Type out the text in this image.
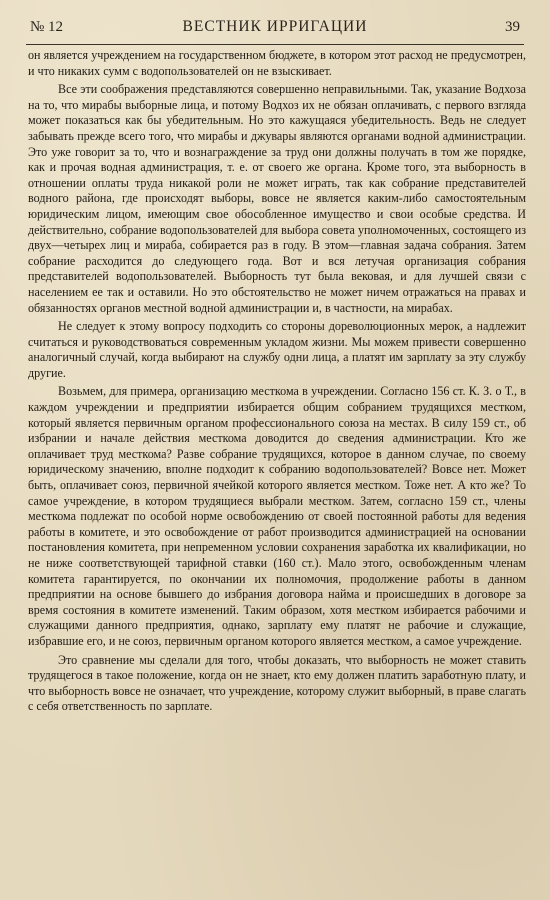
№ 12	ВЕСТНИК ИРРИГАЦИИ	39

он является учреждением на государственном бюджете, в котором этот расход не предусмотрен, и что никаких сумм с водопользователей он не взыскивает.

Все эти соображения представляются совершенно неправильными. Так, указание Водхоза на то, что мирабы выборные лица, и потому Водхоз их не обязан оплачивать, с первого взгляда может показаться как бы убедительным. Но это кажущаяся убедительность. Ведь не следует забывать прежде всего того, что мирабы и джувары являются органами водной администрации. Это уже говорит за то, что и вознаграждение за труд они должны получать в том же порядке, как и прочая водная администрация, т. е. от своего же органа. Кроме того, эта выборность в отношении оплаты труда никакой роли не может играть, так как собрание представителей водного района, где происходят выборы, вовсе не является каким-либо самостоятельным юридическим лицом, имеющим свое обособленное имущество и свои особые средства. И действительно, собрание водопользователей для выбора совета уполномоченных, состоящего из двух—четырех лиц и мираба, собирается раз в году. В этом—главная задача собрания. Затем собрание расходится до следующего года. Вот и вся летучая организация собрания представителей водопользователей. Выборность тут была вековая, и для лучшей связи с населением ее так и оставили. Но это обстоятельство не может ничем отражаться на правах и обязанностях органов местной водной администрации и, в частности, на мирабах.

Не следует к этому вопросу подходить со стороны дореволюционных мерок, а надлежит считаться и руководствоваться современным укладом жизни. Мы можем привести совершенно аналогичный случай, когда выбирают на службу одни лица, а платят им зарплату за эту службу другие.

Возьмем, для примера, организацию месткома в учреждении. Согласно 156 ст. К. З. о Т., в каждом учреждении и предприятии избирается общим собранием трудящихся местком, который является первичным органом профессионального союза на местах. В силу 159 ст., об избрании и начале действия месткома доводится до сведения администрации. Кто же оплачивает труд месткома? Разве собрание трудящихся, которое в данном случае, по своему юридическому значению, вполне подходит к собранию водопользователей? Вовсе нет. Может быть, оплачивает союз, первичной ячейкой которого является местком. Тоже нет. А кто же? То самое учреждение, в котором трудящиеся выбрали местком. Затем, согласно 159 ст., члены месткома подлежат по особой норме освобождению от своей постоянной работы для ведения работы в комитете, и это освобождение от работ производится администрацией на основании постановления комитета, при непременном условии сохранения заработка их квалификации, но не ниже соответствующей тарифной ставки (160 ст.). Мало этого, освобожденным членам комитета гарантируется, по окончании их полномочия, продолжение работы в данном предприятии на основе бывшего до избрания договора найма и происшедших в договоре за время состояния в комитете изменений. Таким образом, хотя местком избирается рабочими и служащими данного предприятия, однако, зарплату ему платят не рабочие и служащие, избравшие его, и не союз, первичным органом которого является местком, а самое учреждение.

Это сравнение мы сделали для того, чтобы доказать, что выборность не может ставить трудящегося в такое положение, когда он не знает, кто ему должен платить заработную плату, и что выборность вовсе не означает, что учреждение, которому служит выборный, в праве слагать с себя ответственность по зарплате.
